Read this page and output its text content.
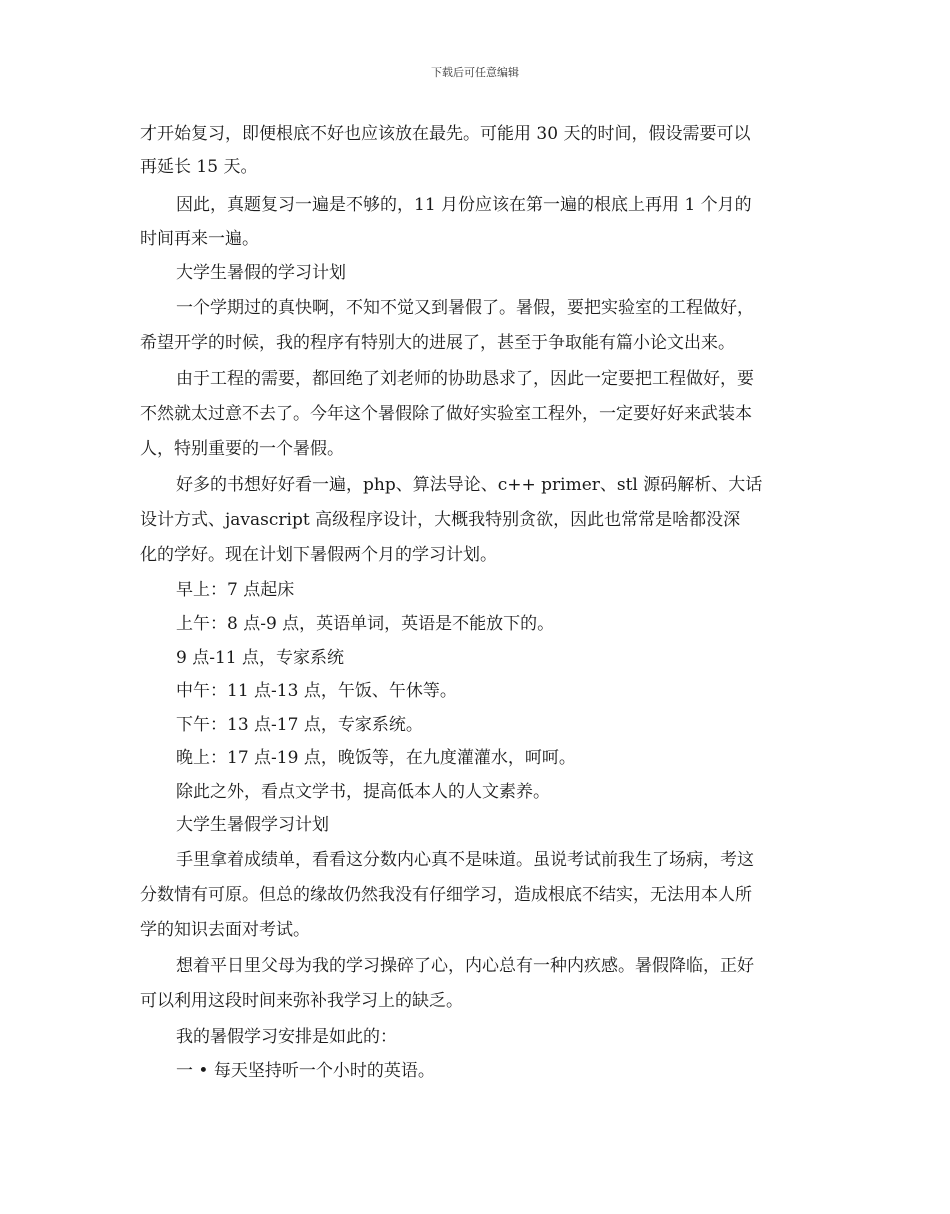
下载后可任意编辑
才开始复习，即便根底不好也应该放在最先。可能用 30 天的时间，假设需要可以
再延长 15 天。
因此，真题复习一遍是不够的，11 月份应该在第一遍的根底上再用 1 个月的
时间再来一遍。
大学生暑假的学习计划
一个学期过的真快啊，不知不觉又到暑假了。暑假，要把实验室的工程做好，
希望开学的时候，我的程序有特别大的进展了，甚至于争取能有篇小论文出来。
由于工程的需要，都回绝了刘老师的协助恳求了，因此一定要把工程做好，要
不然就太过意不去了。今年这个暑假除了做好实验室工程外，一定要好好来武装本
人，特别重要的一个暑假。
好多的书想好好看一遍，php、算法导论、c++ primer、stl 源码解析、大话
设计方式、javascript 高级程序设计，大概我特别贪欲，因此也常常是啥都没深
化的学好。现在计划下暑假两个月的学习计划。
早上：7 点起床
上午：8 点-9 点，英语单词，英语是不能放下的。
9 点-11 点，专家系统
中午：11 点-13 点，午饭、午休等。
下午：13 点-17 点，专家系统。
晚上：17 点-19 点，晚饭等，在九度灌灌水，呵呵。
除此之外，看点文学书，提高低本人的人文素养。
大学生暑假学习计划
手里拿着成绩单，看看这分数内心真不是味道。虽说考试前我生了场病，考这
分数情有可原。但总的缘故仍然我没有仔细学习，造成根底不结实，无法用本人所
学的知识去面对考试。
想着平日里父母为我的学习操碎了心，内心总有一种内疚感。暑假降临，正好
可以利用这段时间来弥补我学习上的缺乏。
我的暑假学习安排是如此的：
一 • 每天坚持听一个小时的英语。
